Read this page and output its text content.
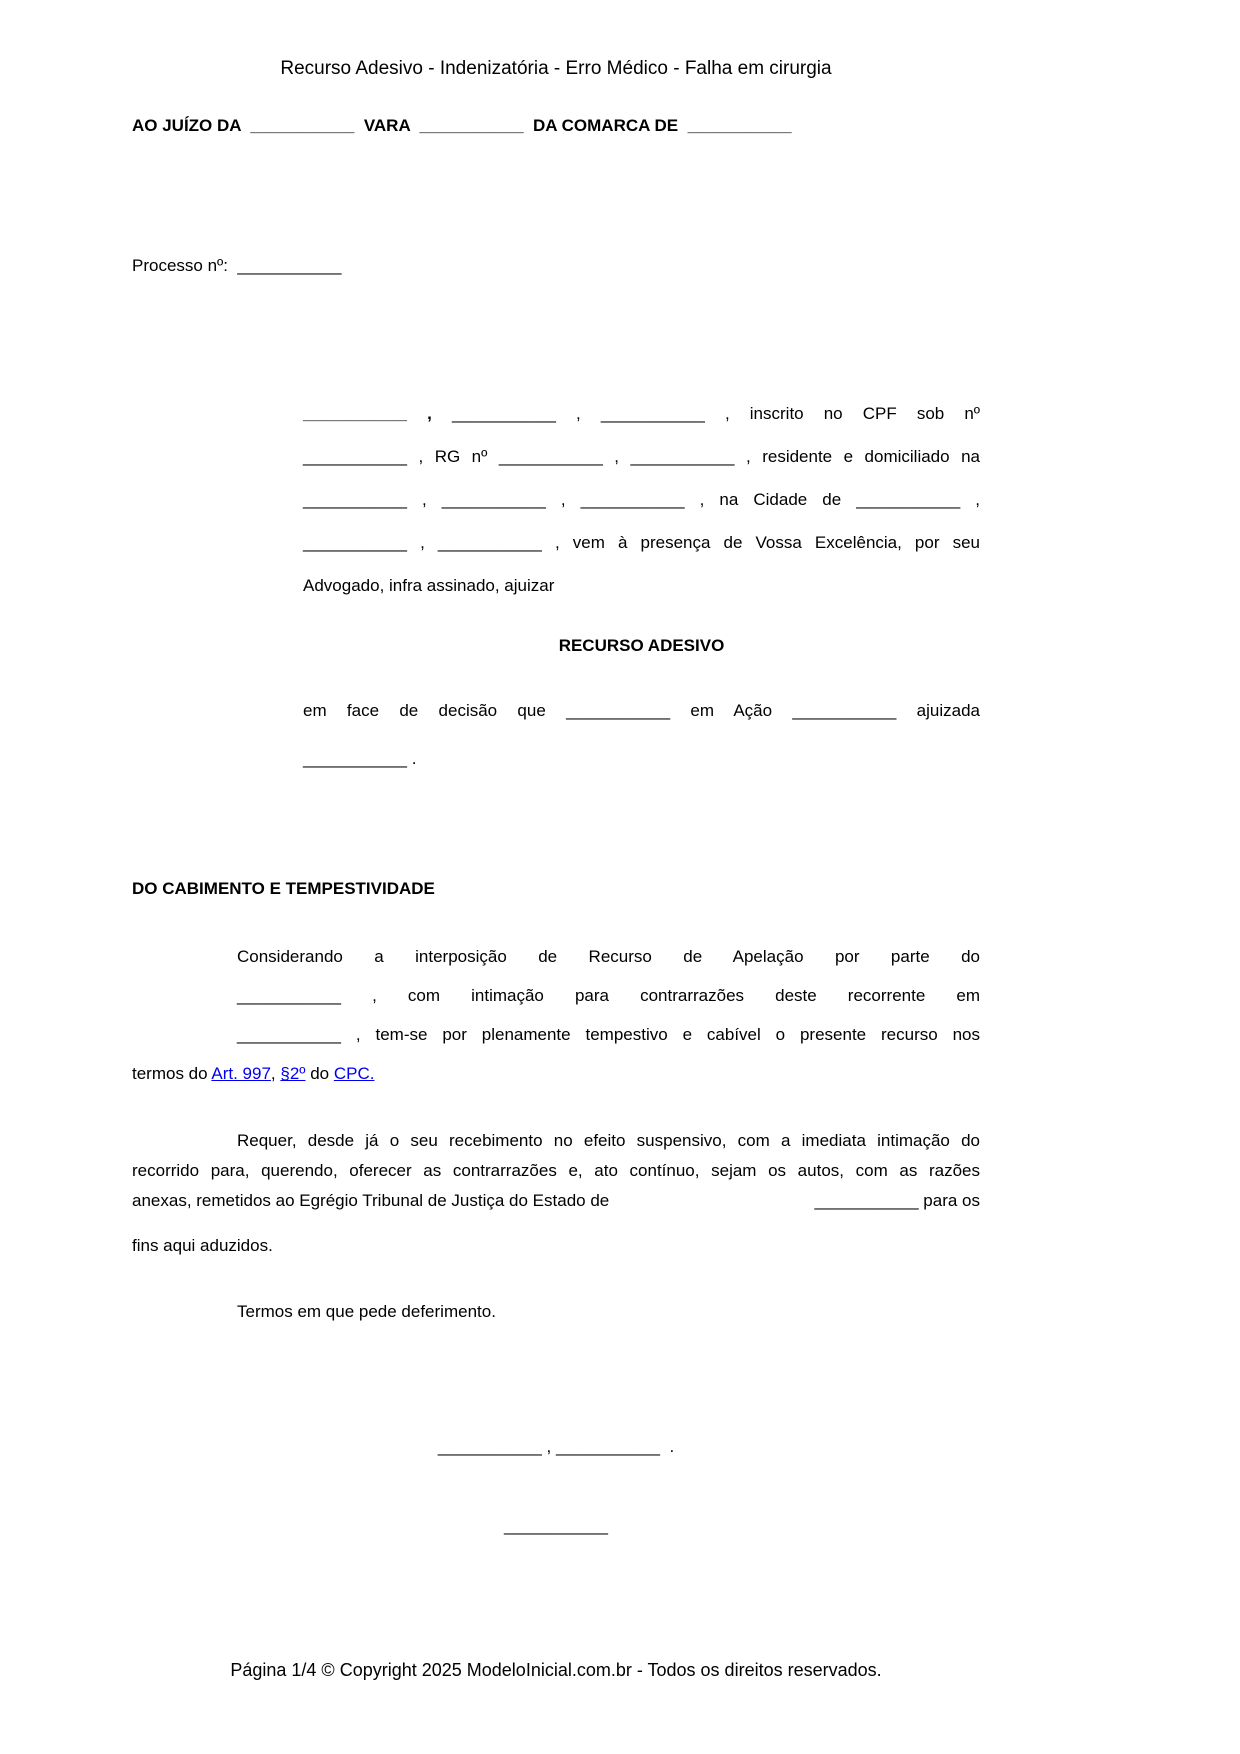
Recurso Adesivo - Indenizatória - Erro Médico - Falha em cirurgia
AO JUÍZO DA  ___________  VARA  ___________  DA COMARCA DE  ___________
Processo nº:  ___________
___________ , ___________ , ___________ , inscrito no CPF sob nº
___________ , RG nº ___________ , ___________ , residente e domiciliado na
___________ , ___________ , ___________ , na Cidade de ___________ ,
___________ , ___________ , vem à presença de Vossa Excelência, por seu
Advogado, infra assinado, ajuizar
RECURSO ADESIVO
em face de decisão que ___________ em Ação ___________ ajuizada
___________ .
DO CABIMENTO E TEMPESTIVIDADE
Considerando a interposição de Recurso de Apelação por parte do
___________ , com intimação para contrarrazões deste recorrente em
___________ , tem-se por plenamente tempestivo e cabível o presente recurso nos
termos do Art. 997, §2º do CPC.
Requer, desde já o seu recebimento no efeito suspensivo, com a imediata intimação do
recorrido para, querendo, oferecer as contrarrazões e, ato contínuo, sejam os autos, com as razões
anexas, remetidos ao Egrégio Tribunal de Justiça do Estado de	___________ para os
fins aqui aduzidos.
Termos em que pede deferimento.
___________ , ___________  .
___________
Página 1/4 © Copyright 2025 ModeloInicial.com.br - Todos os direitos reservados.
